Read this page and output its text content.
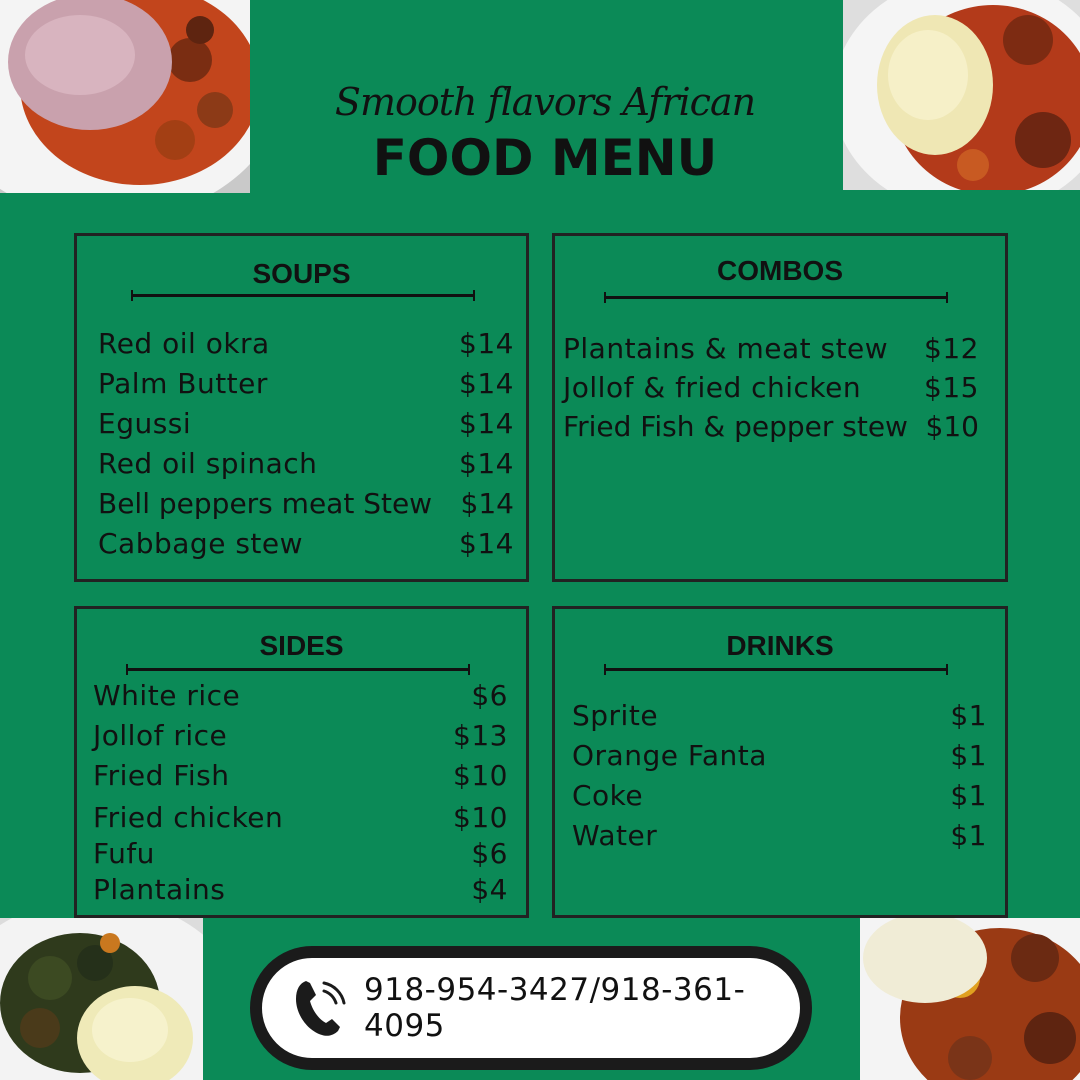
Smooth flavors African
FOOD MENU
SOUPS
Red oil okra	$14
Palm Butter	$14
Egussi	$14
Red oil spinach	$14
Bell peppers meat Stew $14
Cabbage stew	$14
COMBOS
Plantains & meat stew $12
Jollof & fried chicken $15
Fried Fish & pepper stew $10
SIDES
White rice	$6
Jollof rice	$13
Fried Fish	$10
Fried chicken	$10
Fufu	$6
Plantains	$4
DRINKS
Sprite	$1
Orange Fanta	$1
Coke	$1
Water	$1
918-954-3427/918-361-4095
